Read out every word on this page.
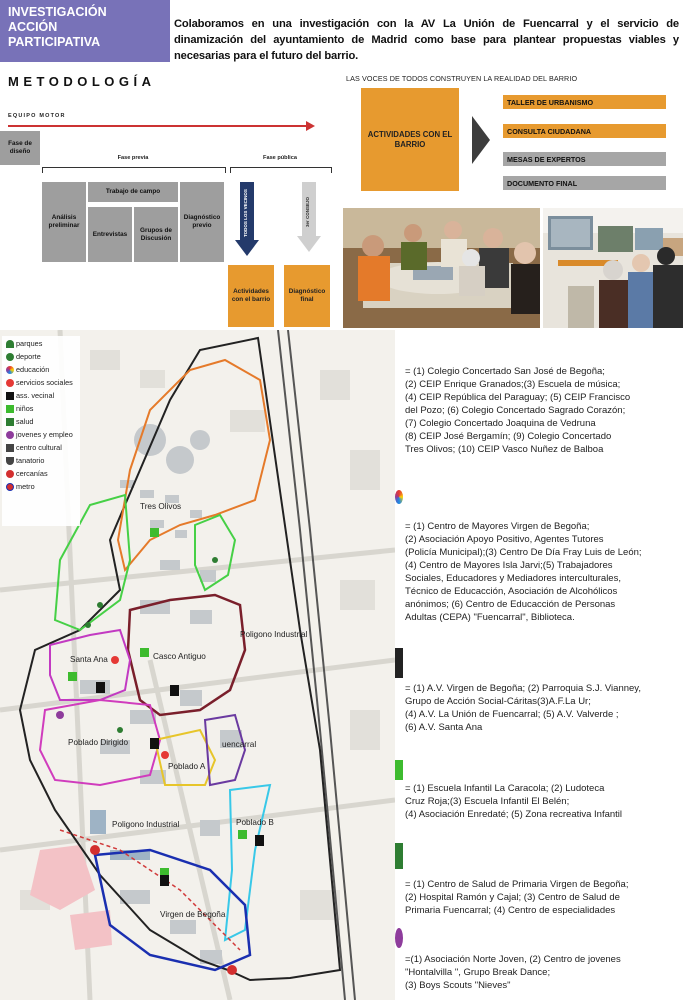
INVESTIGACIÓN
ACCIÓN
PARTICIPATIVA
Colaboramos en una investigación con la AV La Unión de Fuencarral y el servicio de dinamización del ayuntamiento de Madrid como base para plantear propuestas viables y necesarias para el futuro del barrio.
METODOLOGÍA
EQUIPO MOTOR
Fase de diseño
Fase previa	Fase pública
Análisis preliminar
Trabajo de campo
Entrevistas
Grupos de Discusión
Diagnóstico previo	TODOS LOS VECINOS	3er CONSEJO
Actividades con el barrio
Diagnóstico final
LAS VOCES DE TODOS CONSTRUYEN LA REALIDAD DEL BARRIO
ACTIVIDADES CON EL BARRIO
TALLER DE URBANISMO
CONSULTA CIUDADANA
MESAS DE EXPERTOS
DOCUMENTO FINAL
parques
deporte
educación
servicios sociales
ass. vecinal
niños
salud
jovenes y empleo
centro cultural
tanatorio
cercanías
metro
Tres Olivos
Santa Ana	Casco Antiguo
Poligono Industrial
Poblado Dirigido
Poblado A
uencarral
Poblado B
Poligono Industrial
Virgen de Begoña
= (1) Colegio Concertado San José de Begoña;
(2) CEIP Enrique Granados;(3) Escuela de música;
(4) CEIP República del Paraguay; (5) CEIP Francisco
del Pozo; (6) Colegio Concertado Sagrado Corazón;
(7) Colegio Concertado Joaquina de Vedruna
(8) CEIP José Bergamín; (9) Colegio Concertado
Tres Olivos; (10) CEIP Vasco Nuñez de Balboa
= (1) Centro de Mayores Virgen de Begoña;
(2) Asociación Apoyo Positivo, Agentes Tutores
(Policía Municipal);(3) Centro De Día Fray Luis de León;
(4) Centro de Mayores Isla Jarvi;(5) Trabajadores
Sociales, Educadores y Mediadores interculturales,
Técnico de Educacción, Asociación de Alcohólicos
anónimos; (6) Centro de Educacción de Personas
Adultas (CEPA) "Fuencarral", Biblioteca.
= (1) A.V. Virgen de Begoña; (2) Parroquia S.J. Vianney,
Grupo de Acción Social-Cáritas(3)A.F.La Ur;
(4) A.V. La Unión de Fuencarral; (5) A.V. Valverde ;
(6) A.V. Santa Ana
= (1) Escuela Infantil La Caracola; (2) Ludoteca
Cruz Roja;(3) Escuela Infantil El Belén;
(4) Asociación Enredaté; (5) Zona recreativa Infantil
= (1) Centro de Salud de Primaria Virgen de Begoña;
(2) Hospital Ramón y Cajal; (3) Centro de Salud de
Primaria Fuencarral; (4) Centro de especialidades
=(1) Asociación Norte Joven, (2) Centro de jovenes
"Hontalvilla ", Grupo Break Dance;
(3) Boys Scouts "Nieves"
